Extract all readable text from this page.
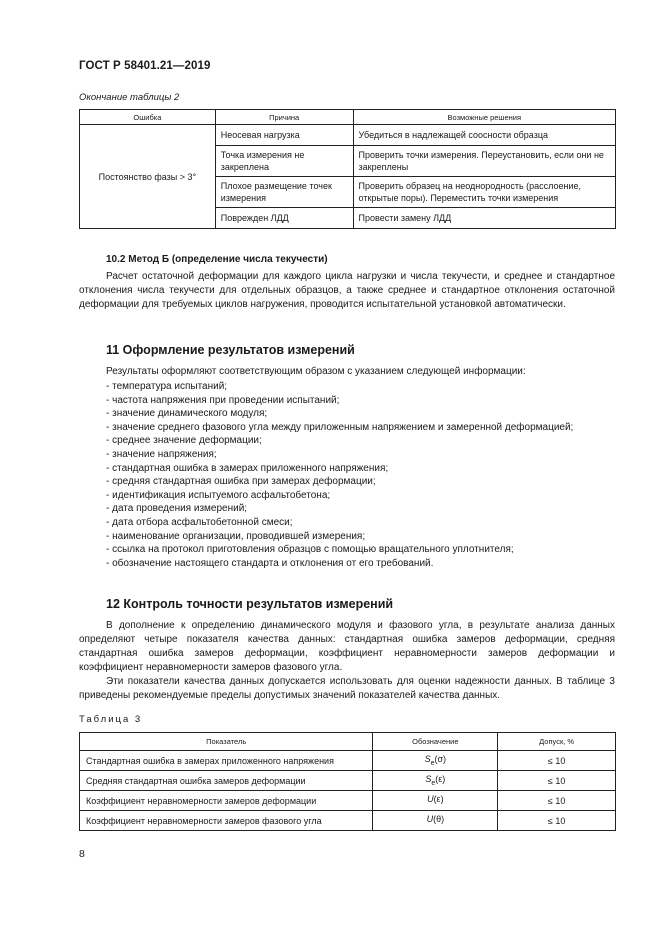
ГОСТ Р 58401.21—2019
Окончание таблицы 2
Ошибка	Причина	Возможные решения
Постоянство фазы > 3°	Неосевая нагрузка	Убедиться в надлежащей соосности образца
	Точка измерения не закреплена	Проверить точки измерения. Переустановить, если они не закреплены
	Плохое размещение точек измерения	Проверить образец на неоднородность (расслоение, открытые поры). Переместить точки измерения
	Поврежден ЛДД	Провести замену ЛДД
10.2 Метод Б (определение числа текучести)
Расчет остаточной деформации для каждого цикла нагрузки и числа текучести, и среднее и стандартное отклонения числа текучести для отдельных образцов, а также среднее и стандартное отклонения остаточной деформации для требуемых циклов нагружения, проводится испытательной установкой автоматически.
11 Оформление результатов измерений
Результаты оформляют соответствующим образом с указанием следующей информации:
- температура испытаний;
- частота напряжения при проведении испытаний;
- значение динамического модуля;
- значение среднего фазового угла между приложенным напряжением и замеренной деформацией;
- среднее значение деформации;
- значение напряжения;
- стандартная ошибка в замерах приложенного напряжения;
- средняя стандартная ошибка при замерах деформации;
- идентификация испытуемого асфальтобетона;
- дата проведения измерений;
- дата отбора асфальтобетонной смеси;
- наименование организации, проводившей измерения;
- ссылка на протокол приготовления образцов с помощью вращательного уплотнителя;
- обозначение настоящего стандарта и отклонения от его требований.
12 Контроль точности результатов измерений
В дополнение к определению динамического модуля и фазового угла, в результате анализа данных определяют четыре показателя качества данных: стандартная ошибка замеров деформации, средняя стандартная ошибка замеров деформации, коэффициент неравномерности замеров деформации и коэффициент неравномерности замеров фазового угла.
Эти показатели качества данных допускается использовать для оценки надежности данных. В таблице 3 приведены рекомендуемые пределы допустимых значений показателей качества данных.
Таблица 3
Показатель	Обозначение	Допуск, %
Стандартная ошибка в замерах приложенного напряжения	$S_e(\sigma)$	≤ 10
Средняя стандартная ошибка замеров деформации	$S_e(\varepsilon)$	≤ 10
Коэффициент неравномерности замеров деформации	U(ε)	≤ 10
Коэффициент неравномерности замеров фазового угла	U(θ)	≤ 10
8
